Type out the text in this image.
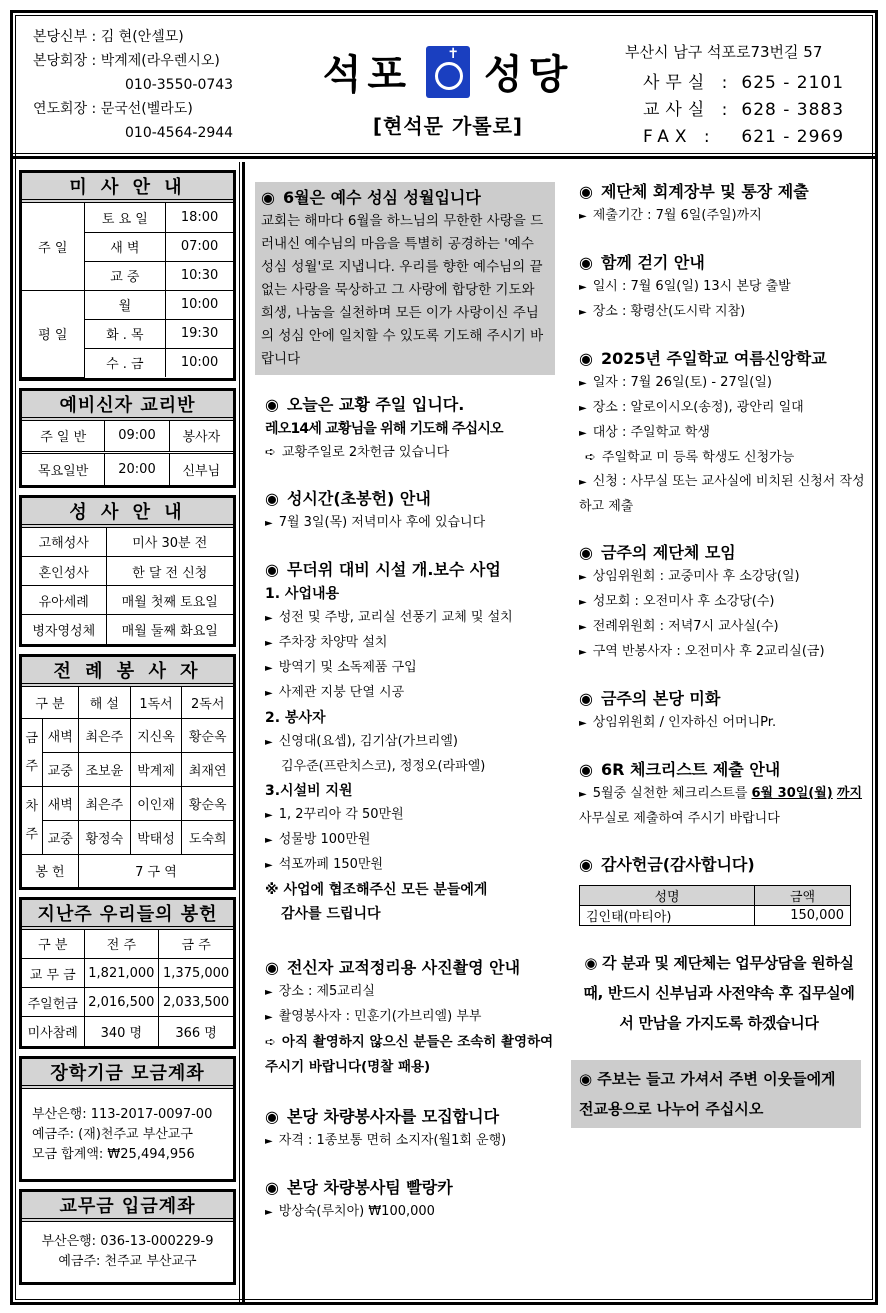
본당신부 : 김 현(안셀모)
본당회장 : 박계제(라우렌시오)
010-3550-0743
연도회장 : 문국선(벨라도)
010-4564-2944
석포 ✝ 성당
[현석문 가롤로]
부산시 남구 석포로73번길 57
사무실 : 625 - 2101
교사실 : 628 - 3883
FAX : 621 - 2969
미 사 안 내
주 일	토 요 일	18:00
	새 벽	07:00
	교 중	10:30
평 일	월	10:00
	화 . 목	19:30
	수 . 금	10:00
예비신자 교리반
주 일 반	09:00	봉사자
목요일반	20:00	신부님
성 사 안 내
고해성사	미사 30분 전
혼인성사	한 달 전 신청
유아세례	매월 첫째 토요일
병자영성체	매월 둘째 화요일
전 례 봉 사 자
구 분		해 설	1독서	2독서
금주	새벽	최은주	지신옥	황순옥
	교중	조보윤	박계제	최재연
차주	새벽	최은주	이인재	황순옥
	교중	황정숙	박태성	도숙희
봉 헌		7 구 역		
지난주 우리들의 봉헌
구 분	전 주	금 주
교 무 금	1,821,000	1,375,000
주일헌금	2,016,500	2,033,500
미사참례	340 명	366 명
장학기금 모금계좌
부산은행: 113-2017-0097-00
예금주: (재)천주교 부산교구
모금 합계액: ₩25,494,956
교무금 입금계좌
부산은행: 036-13-000229-9
예금주: 천주교 부산교구
◉ 6월은 예수 성심 성월입니다
교회는 해마다 6월을 하느님의 무한한 사랑을 드러내신 예수님의 마음을 특별히 공경하는 '예수 성심 성월'로 지냅니다. 우리를 향한 예수님의 끝없는 사랑을 묵상하고 그 사랑에 합당한 기도와 희생, 나눔을 실천하며 모든 이가 사랑이신 주님의 성심 안에 일치할 수 있도록 기도해 주시기 바랍니다
◉ 오늘은 교황 주일 입니다.
레오14세 교황님을 위해 기도해 주십시오
➪ 교황주일로 2차헌금 있습니다
◉ 성시간(초봉헌) 안내
► 7월 3일(목) 저녁미사 후에 있습니다
◉ 무더위 대비 시설 개.보수 사업
1. 사업내용
► 성전 및 주방, 교리실 선풍기 교체 및 설치
► 주차장 차양막 설치
► 방역기 및 소독제품 구입
► 사제관 지붕 단열 시공
2. 봉사자
► 신영대(요셉), 김기삼(가브리엘)
김우준(프란치스코), 정정오(라파엘)
3.시설비 지원
► 1, 2꾸리아 각 50만원
► 성물방 100만원
► 석포까페 150만원
※ 사업에 협조해주신 모든 분들에게
감사를 드립니다
◉ 전신자 교적정리용 사진촬영 안내
► 장소 : 제5교리실
► 촬영봉사자 : 민훈기(가브리엘) 부부
➪ 아직 촬영하지 않으신 분들은 조속히 촬영하여 주시기 바랍니다(명찰 패용)
◉ 본당 차량봉사자를 모집합니다
► 자격 : 1종보통 면허 소지자(월1회 운행)
◉ 본당 차량봉사팀 빨랑카
► 방상숙(루치아) ₩100,000
◉ 제단체 회계장부 및 통장 제출
► 제출기간 : 7월 6일(주일)까지
◉ 함께 걷기 안내
► 일시 : 7월 6일(일) 13시 본당 출발
► 장소 : 황령산(도시락 지참)
◉ 2025년 주일학교 여름신앙학교
► 일자 : 7월 26일(토) - 27일(일)
► 장소 : 알로이시오(송정), 광안리 일대
► 대상 : 주일학교 학생
➪ 주일학교 미 등록 학생도 신청가능
► 신청 : 사무실 또는 교사실에 비치된 신청서 작성하고 제출
◉ 금주의 제단체 모임
► 상임위원회 : 교중미사 후 소강당(일)
► 성모회 : 오전미사 후 소강당(수)
► 전례위원회 : 저녁7시 교사실(수)
► 구역 반봉사자 : 오전미사 후 2교리실(금)
◉ 금주의 본당 미화
► 상임위원회 / 인자하신 어머니Pr.
◉ 6R 체크리스트 제출 안내
► 5월중 실천한 체크리스트를 6월 30일(월) 까지 사무실로 제출하여 주시기 바랍니다
◉ 감사헌금(감사합니다)
성명	금액
김인태(마티아)	150,000
◉ 각 분과 및 제단체는 업무상담을 원하실 때, 반드시 신부님과 사전약속 후 집무실에서 만남을 가지도록 하겠습니다
◉ 주보는 들고 가셔서 주변 이웃들에게 전교용으로 나누어 주십시오
